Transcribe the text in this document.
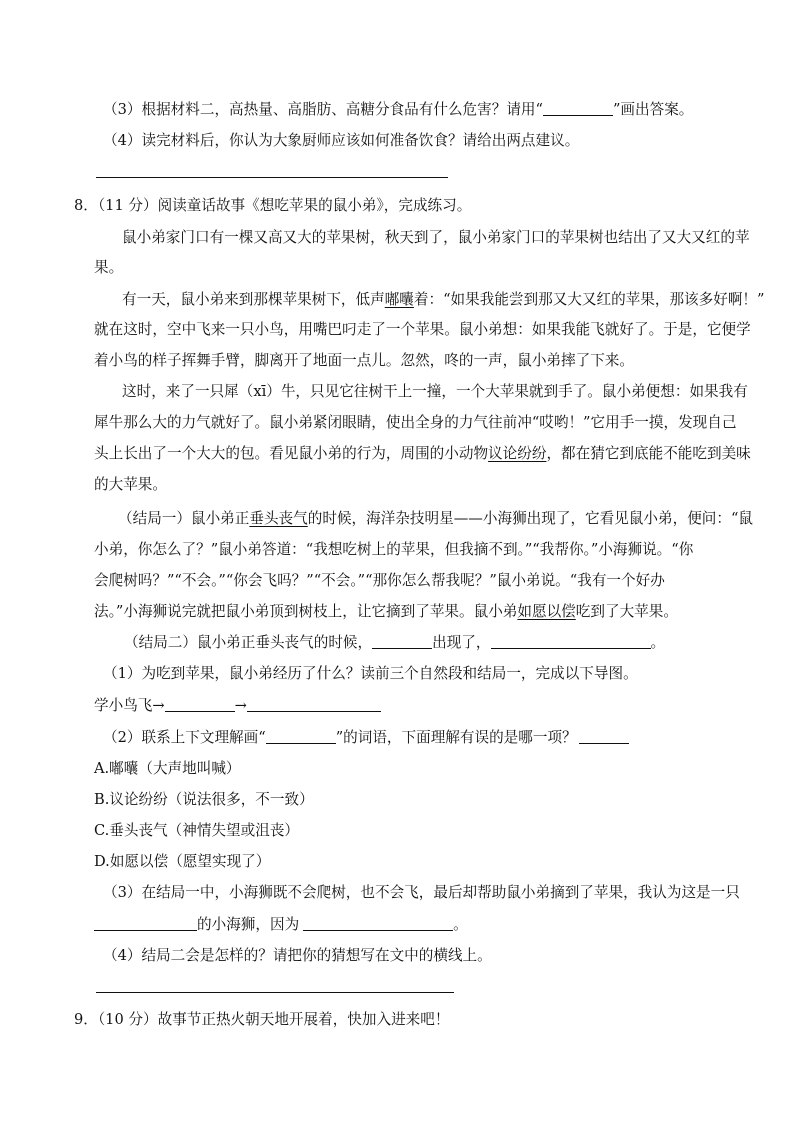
（3）根据材料二，高热量、高脂肪、高糖分食品有什么危害？请用“	”画出答案。
（4）读完材料后，你认为大象厨师应该如何准备饮食？请给出两点建议。
8．（11 分）阅读童话故事《想吃苹果的鼠小弟》，完成练习。
鼠小弟家门口有一棵又高又大的苹果树，秋天到了，鼠小弟家门口的苹果树也结出了又大又红的苹
果。
有一天，鼠小弟来到那棵苹果树下，低声嘟囔着：“如果我能尝到那又大又红的苹果，那该多好啊！”
就在这时，空中飞来一只小鸟，用嘴巴叼走了一个苹果。鼠小弟想：如果我能飞就好了。于是，它便学
着小鸟的样子挥舞手臂，脚离开了地面一点儿。忽然，咚的一声，鼠小弟摔了下来。
这时，来了一只犀（xī）牛，只见它往树干上一撞，一个大苹果就到手了。鼠小弟便想：如果我有
犀牛那么大的力气就好了。鼠小弟紧闭眼睛，使出全身的力气往前冲“哎哟！”它用手一摸，发现自己
头上长出了一个大大的包。看见鼠小弟的行为，周围的小动物议论纷纷，都在猜它到底能不能吃到美味
的大苹果。
（结局一）鼠小弟正垂头丧气的时候，海洋杂技明星——小海狮出现了，它看见鼠小弟，便问：“鼠
小弟，你怎么了？”鼠小弟答道：“我想吃树上的苹果，但我摘不到。”“我帮你。”小海狮说。“你
会爬树吗？”“不会。”“你会飞吗？”“不会。”“那你怎么帮我呢？”鼠小弟说。“我有一个好办
法。”小海狮说完就把鼠小弟顶到树枝上，让它摘到了苹果。鼠小弟如愿以偿吃到了大苹果。
（结局二）鼠小弟正垂头丧气的时候，	出现了，	。
（1）为吃到苹果，鼠小弟经历了什么？读前三个自然段和结局一，完成以下导图。
学小鸟飞→	→
（2）联系上下文理解画“	”的词语，下面理解有误的是哪一项？
A.嘟囔（大声地叫喊）
B.议论纷纷（说法很多，不一致）
C.垂头丧气（神情失望或沮丧）
D.如愿以偿（愿望实现了）
（3）在结局一中，小海狮既不会爬树，也不会飞，最后却帮助鼠小弟摘到了苹果，我认为这是一只
的小海狮，因为	。
（4）结局二会是怎样的？请把你的猜想写在文中的横线上。
9．（10 分）故事节正热火朝天地开展着，快加入进来吧！
